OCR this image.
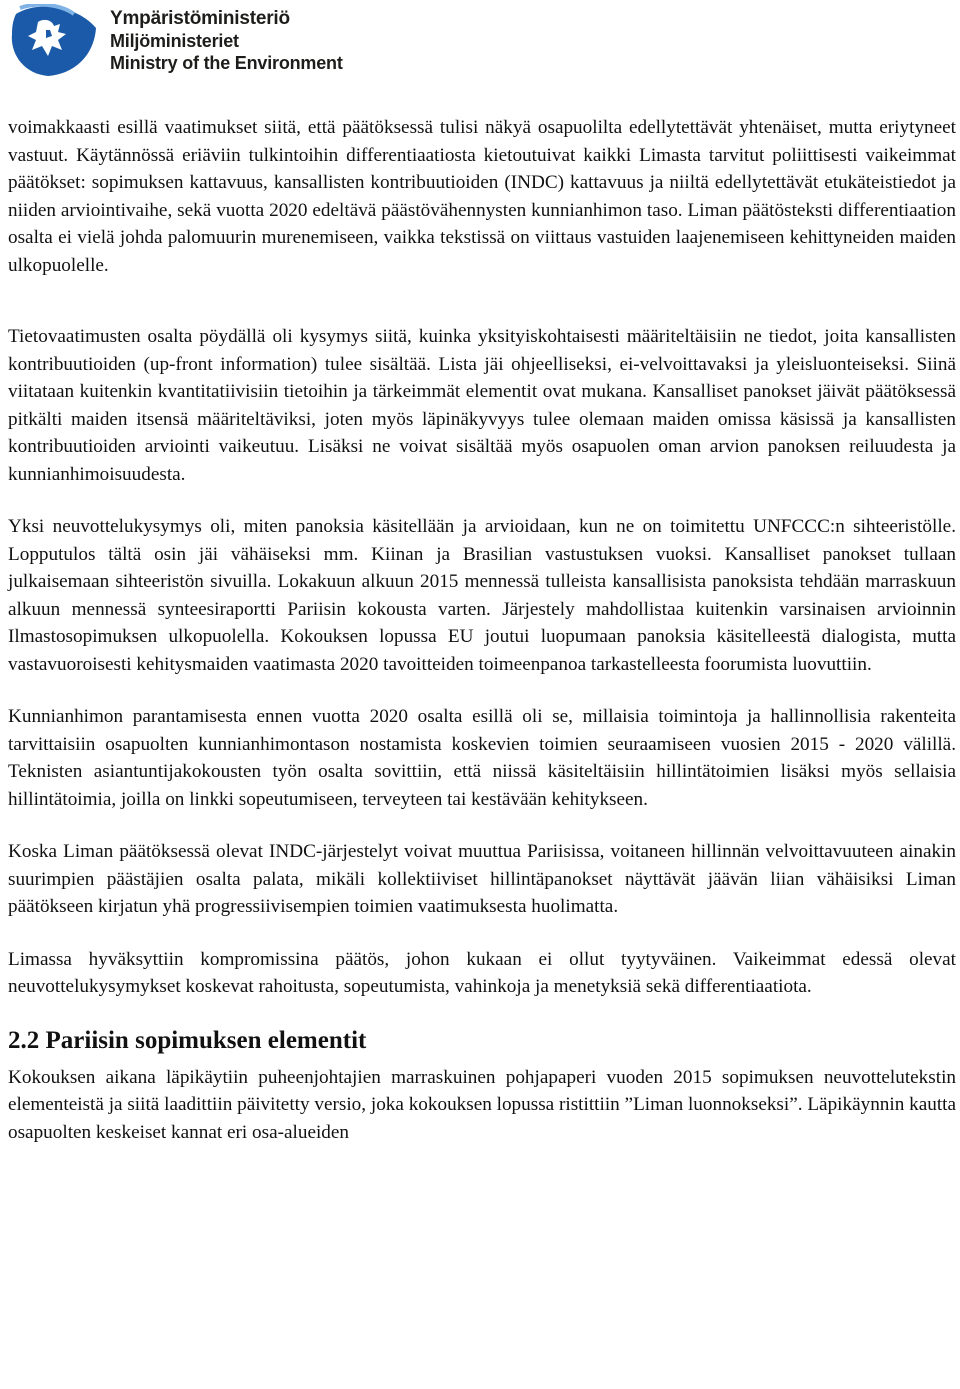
Ympäristöministeriö
Miljöministeriet
Ministry of the Environment

voimakkaasti esillä vaatimukset siitä, että päätöksessä tulisi näkyä osapuolilta edellytettävät yhtenäiset, mutta eriytyneet vastuut. Käytännössä eriäviin tulkintoihin differentiaatiosta kietoutuivat kaikki Limasta tarvitut poliittisesti vaikeimmat päätökset: sopimuksen kattavuus, kansallisten kontribuutioiden (INDC) kattavuus ja niiltä edellytettävät etukäteistiedot ja niiden arviointivaihe, sekä vuotta 2020 edeltävä päästövähennysten kunnianhimon taso. Liman päätösteksti differentiaation osalta ei vielä johda palomuurin murenemiseen, vaikka tekstissä on viittaus vastuiden laajenemiseen kehittyneiden maiden ulkopuolelle.

Tietovaatimusten osalta pöydällä oli kysymys siitä, kuinka yksityiskohtaisesti määriteltäisiin ne tiedot, joita kansallisten kontribuutioiden (up-front information) tulee sisältää. Lista jäi ohjeelliseksi, ei-velvoittavaksi ja yleisluonteiseksi. Siinä viitataan kuitenkin kvantitatiivisiin tietoihin ja tärkeimmät elementit ovat mukana. Kansalliset panokset jäivät päätöksessä pitkälti maiden itsensä määriteltäviksi, joten myös läpinäkyvyys tulee olemaan maiden omissa käsissä ja kansallisten kontribuutioiden arviointi vaikeutuu. Lisäksi ne voivat sisältää myös osapuolen oman arvion panoksen reiluudesta ja kunnianhimoisuudesta.

Yksi neuvottelukysymys oli, miten panoksia käsitellään ja arvioidaan, kun ne on toimitettu UNFCCC:n sihteeristölle. Lopputulos tältä osin jäi vähäiseksi mm. Kiinan ja Brasilian vastustuksen vuoksi. Kansalliset panokset tullaan julkaisemaan sihteeristön sivuilla. Lokakuun alkuun 2015 mennessä tulleista kansallisista panoksista tehdään marraskuun alkuun mennessä synteesiraportti Pariisin kokousta varten. Järjestely mahdollistaa kuitenkin varsinaisen arvioinnin Ilmastosopimuksen ulkopuolella. Kokouksen lopussa EU joutui luopumaan panoksia käsitelleestä dialogista, mutta vastavuoroisesti kehitysmaiden vaatimasta 2020 tavoitteiden toimeenpanoa tarkastelleesta foorumista luovuttiin.

Kunnianhimon parantamisesta ennen vuotta 2020 osalta esillä oli se, millaisia toimintoja ja hallinnollisia rakenteita tarvittaisiin osapuolten kunnianhimontason nostamista koskevien toimien seuraamiseen vuosien 2015 - 2020 välillä. Teknisten asiantuntijakokousten työn osalta sovittiin, että niissä käsiteltäisiin hillintätoimien lisäksi myös sellaisia hillintätoimia, joilla on linkki sopeutumiseen, terveyteen tai kestävään kehitykseen.

Koska Liman päätöksessä olevat INDC-järjestelyt voivat muuttua Pariisissa, voitaneen hillinnän velvoittavuuteen ainakin suurimpien päästäjien osalta palata, mikäli kollektiiviset hillintäpanokset näyttävät jäävän liian vähäisiksi Liman päätökseen kirjatun yhä progressiivisempien toimien vaatimuksesta huolimatta.

Limassa hyväksyttiin kompromissina päätös, johon kukaan ei ollut tyytyväinen. Vaikeimmat edessä olevat neuvottelukysymykset koskevat rahoitusta, sopeutumista, vahinkoja ja menetyksiä sekä differentiaatiota.

2.2 Pariisin sopimuksen elementit

Kokouksen aikana läpikäytiin puheenjohtajien marraskuinen pohjapaperi vuoden 2015 sopimuksen neuvottelutekstin elementeistä ja siitä laadittiin päivitetty versio, joka kokouksen lopussa ristittiin ”Liman luonnokseksi”. Läpikäynnin kautta osapuolten keskeiset kannat eri osa-alueiden
